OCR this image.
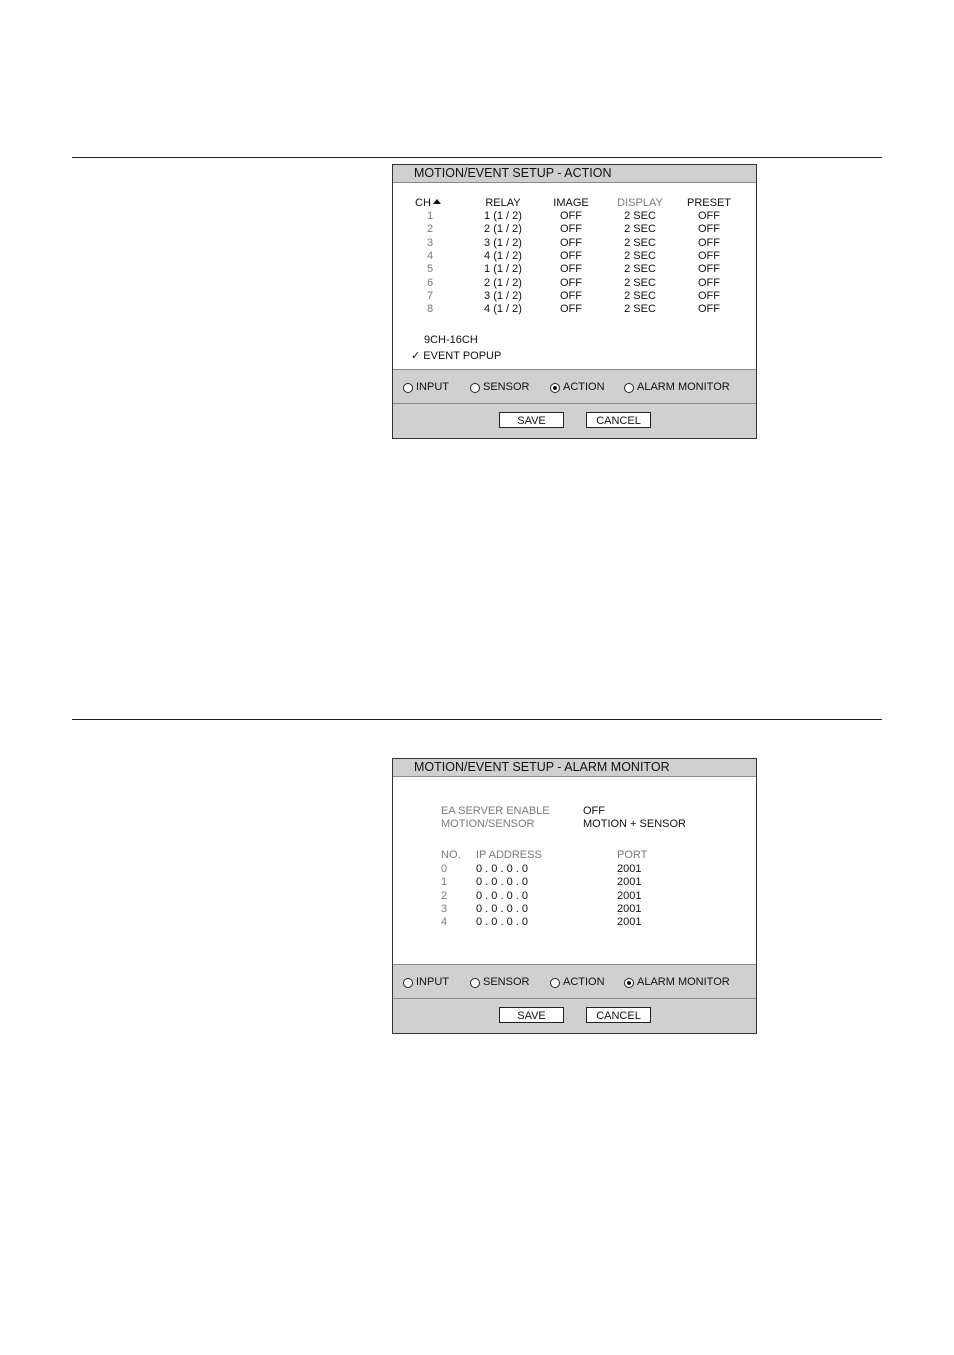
MOTION/EVENT SETUP - ACTION
CH	RELAY	IMAGE	DISPLAY	PRESET
1	1 (1 / 2)	OFF	2 SEC	OFF
2	2 (1 / 2)	OFF	2 SEC	OFF
3	3 (1 / 2)	OFF	2 SEC	OFF
4	4 (1 / 2)	OFF	2 SEC	OFF
5	1 (1 / 2)	OFF	2 SEC	OFF
6	2 (1 / 2)	OFF	2 SEC	OFF
7	3 (1 / 2)	OFF	2 SEC	OFF
8	4 (1 / 2)	OFF	2 SEC	OFF
9CH-16CH
✓ EVENT POPUP
INPUT	SENSOR	ACTION	ALARM MONITOR
SAVE	CANCEL
MOTION/EVENT SETUP - ALARM MONITOR
EA SERVER ENABLE	OFF
MOTION/SENSOR	MOTION + SENSOR
NO. IP ADDRESS	PORT
0	0 . 0 . 0 . 0	2001
1	0 . 0 . 0 . 0	2001
2	0 . 0 . 0 . 0	2001
3	0 . 0 . 0 . 0	2001
4	0 . 0 . 0 . 0	2001
INPUT	SENSOR	ACTION	ALARM MONITOR
SAVE	CANCEL
